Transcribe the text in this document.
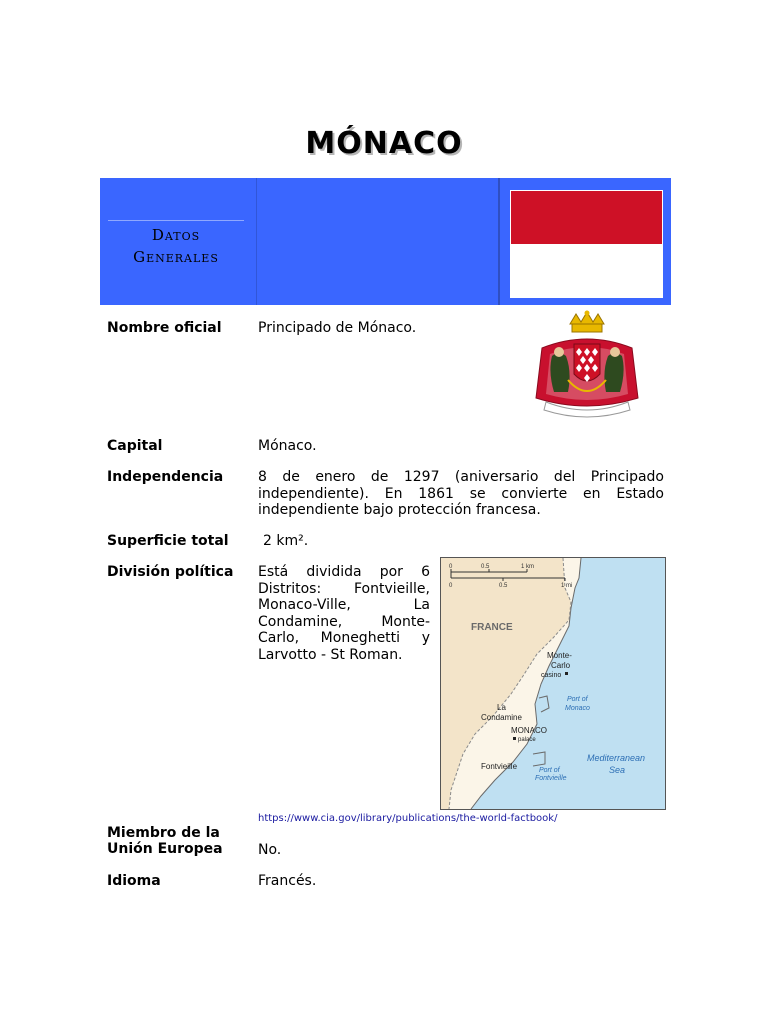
MÓNACO
Datos
Generales
Nombre oficial	Principado de Mónaco.
Capital	Mónaco.
Independencia 8 de enero de 1297 (aniversario del Principado independiente). En 1861 se convierte en Estado independiente bajo protección francesa.
Superficie total 2 km².
División política Está dividida por 6 Distritos: Fontvieille, Monaco-Ville, La Condamine, Monte-Carlo, Moneghetti y Larvotto - St Roman.
0	0.5	1 km
0	0.5	1 mi
FRANCE
Monte-
Carlo
casino
Port of
Monaco
La
Condamine
MONACO
palace
Fontvieille	Port of
Fontvieille
Mediterranean
Sea
https://www.cia.gov/library/publications/the-world-factbook/
Miembro de la
Unión Europea	No.
Idioma	Francés.
